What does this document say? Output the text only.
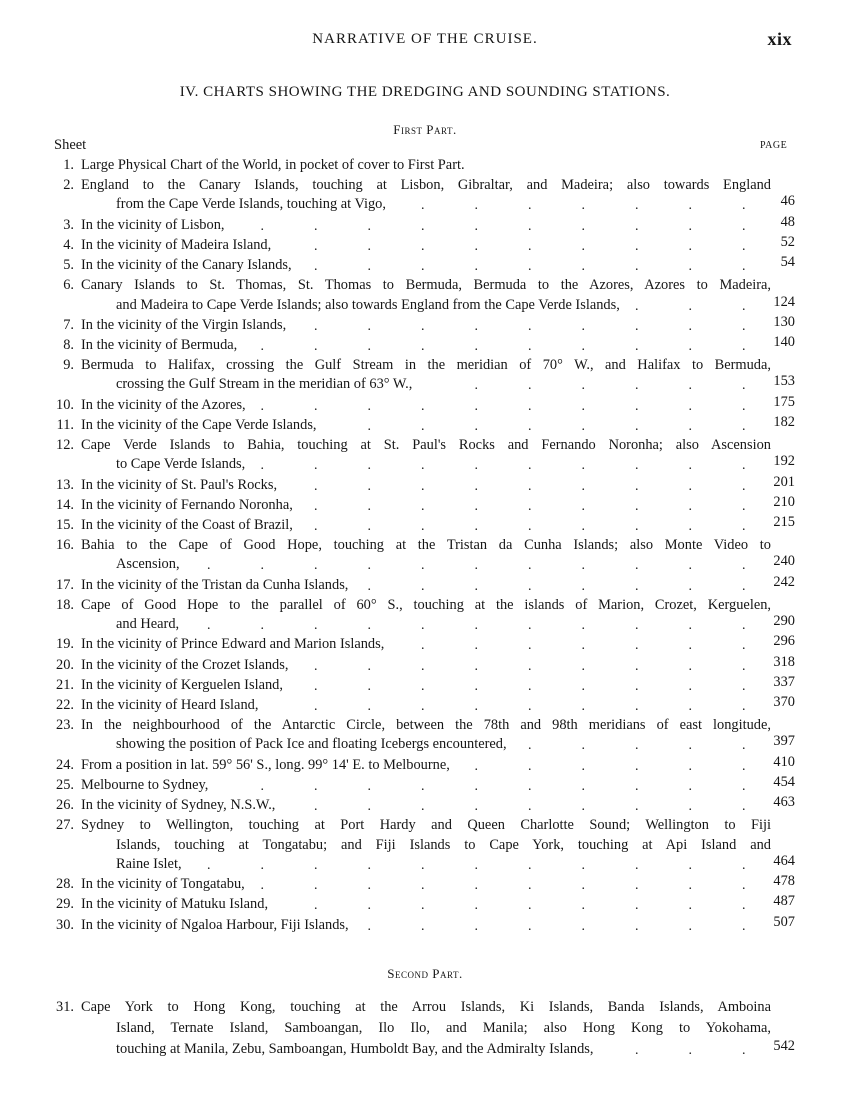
NARRATIVE OF THE CRUISE.	xix
IV. CHARTS SHOWING THE DREDGING AND SOUNDING STATIONS.
First Part.
Sheet	PAGE
1. Large Physical Chart of the World, in pocket of cover to First Part.
2. England to the Canary Islands, touching at Lisbon, Gibraltar, and Madeira; also towards England
from the Cape Verde Islands, touching at Vigo,	46
.
.
.
.
.
.
.
3. In the vicinity of Lisbon,	48
.
.
.
.
.
.
.
.
.
.
4. In the vicinity of Madeira Island,	52
.
.
.
.
.
.
.
.
.
5. In the vicinity of the Canary Islands,	54
.
.
.
.
.
.
.
.
.
6. Canary Islands to St. Thomas, St. Thomas to Bermuda, Bermuda to the Azores, Azores to Madeira,
and Madeira to Cape Verde Islands; also towards England from the Cape Verde Islands,	124
.
.
.
7. In the vicinity of the Virgin Islands,	130
.
.
.
.
.
.
.
.
.
8. In the vicinity of Bermuda,	140
.
.
.
.
.
.
.
.
.
.
9. Bermuda to Halifax, crossing the Gulf Stream in the meridian of 70° W., and Halifax to Bermuda,
crossing the Gulf Stream in the meridian of 63° W.,	153
.
.
.
.
.
.
10. In the vicinity of the Azores,	175
.
.
.
.
.
.
.
.
.
.
11. In the vicinity of the Cape Verde Islands,	182
.
.
.
.
.
.
.
.
12. Cape Verde Islands to Bahia, touching at St. Paul's Rocks and Fernando Noronha; also Ascension
to Cape Verde Islands,	192
.
.
.
.
.
.
.
.
.
.
13. In the vicinity of St. Paul's Rocks,	201
.
.
.
.
.
.
.
.
.
14. In the vicinity of Fernando Noronha,	210
.
.
.
.
.
.
.
.
.
15. In the vicinity of the Coast of Brazil,	215
.
.
.
.
.
.
.
.
.
16. Bahia to the Cape of Good Hope, touching at the Tristan da Cunha Islands; also Monte Video to
Ascension,	240
.
.
.
.
.
.
.
.
.
.
.
17. In the vicinity of the Tristan da Cunha Islands,	242
.
.
.
.
.
.
.
.
18. Cape of Good Hope to the parallel of 60° S., touching at the islands of Marion, Crozet, Kerguelen,
and Heard,	290
.
.
.
.
.
.
.
.
.
.
.
19. In the vicinity of Prince Edward and Marion Islands,	296
.
.
.
.
.
.
.
20. In the vicinity of the Crozet Islands,	318
.
.
.
.
.
.
.
.
.
21. In the vicinity of Kerguelen Island,	337
.
.
.
.
.
.
.
.
.
22. In the vicinity of Heard Island,	370
.
.
.
.
.
.
.
.
.
23. In the neighbourhood of the Antarctic Circle, between the 78th and 98th meridians of east longitude,
showing the position of Pack Ice and floating Icebergs encountered,	397
.
.
.
.
.
24. From a position in lat. 59° 56' S., long. 99° 14' E. to Melbourne,	410
.
.
.
.
.
.
25. Melbourne to Sydney,	454
.
.
.
.
.
.
.
.
.
.
26. In the vicinity of Sydney, N.S.W.,	463
.
.
.
.
.
.
.
.
.
27. Sydney to Wellington, touching at Port Hardy and Queen Charlotte Sound; Wellington to Fiji
Islands, touching at Tongatabu; and Fiji Islands to Cape York, touching at Api Island and
Raine Islet,	464
.
.
.
.
.
.
.
.
.
.
.
28. In the vicinity of Tongatabu,	478
.
.
.
.
.
.
.
.
.
.
29. In the vicinity of Matuku Island,	487
.
.
.
.
.
.
.
.
.
30. In the vicinity of Ngaloa Harbour, Fiji Islands,	507
.
.
.
.
.
.
.
.
Second Part.
31. Cape York to Hong Kong, touching at the Arrou Islands, Ki Islands, Banda Islands, Amboina
Island, Ternate Island, Samboangan, Ilo Ilo, and Manila; also Hong Kong to Yokohama,
touching at Manila, Zebu, Samboangan, Humboldt Bay, and the Admiralty Islands,	542
.
.
.
